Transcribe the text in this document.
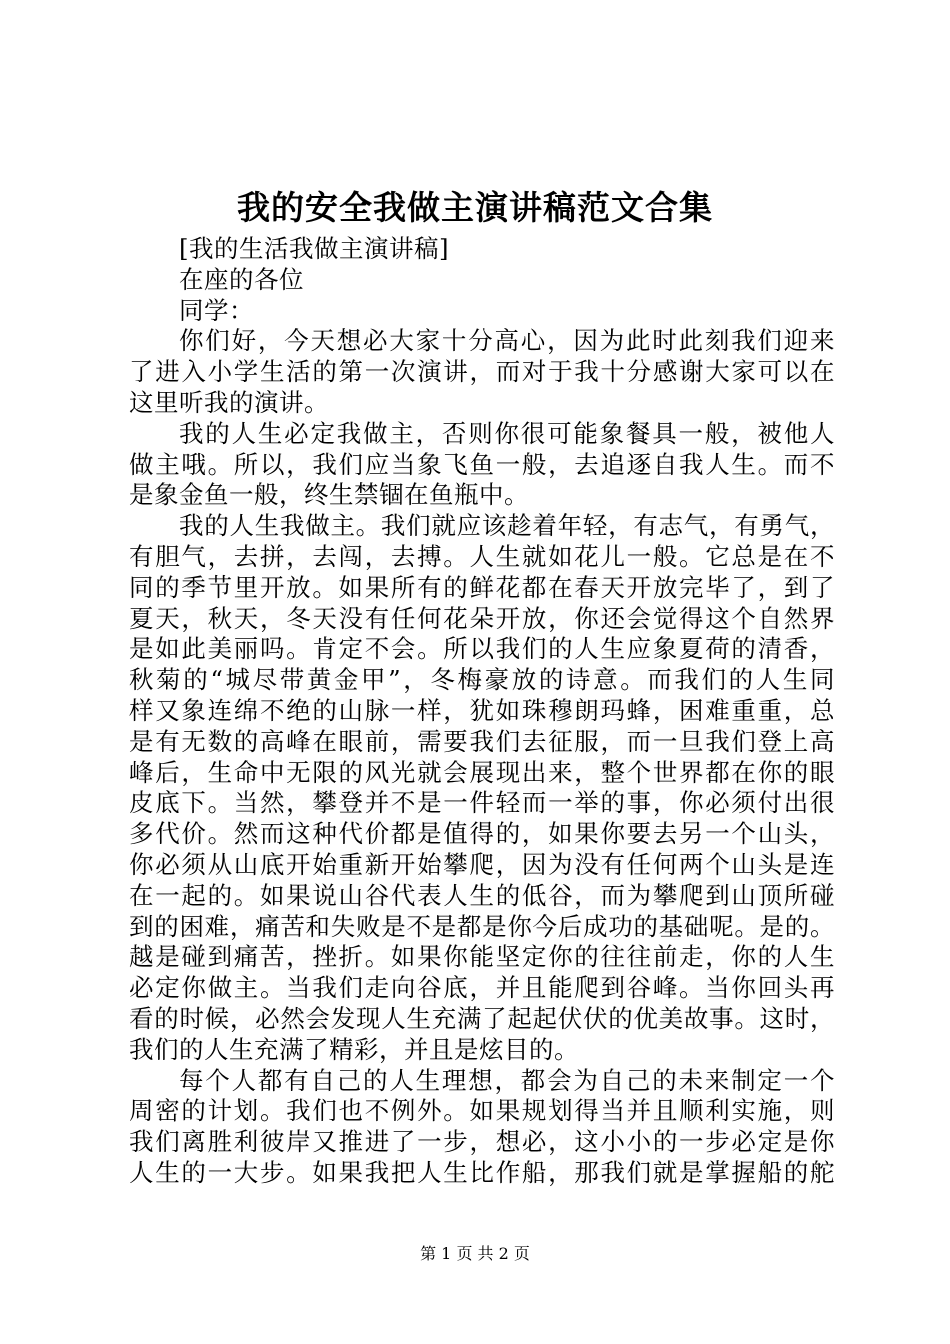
我的安全我做主演讲稿范文合集
[我的生活我做主演讲稿]
在座的各位
同学：
你们好，今天想必大家十分高心，因为此时此刻我们迎来
了进入小学生活的第一次演讲，而对于我十分感谢大家可以在
这里听我的演讲。
我的人生必定我做主，否则你很可能象餐具一般，被他人
做主哦。所以，我们应当象飞鱼一般，去追逐自我人生。而不
是象金鱼一般，终生禁锢在鱼瓶中。
我的人生我做主。我们就应该趁着年轻，有志气，有勇气，
有胆气，去拼，去闯，去搏。人生就如花儿一般。它总是在不
同的季节里开放。如果所有的鲜花都在春天开放完毕了，到了
夏天，秋天，冬天没有任何花朵开放，你还会觉得这个自然界
是如此美丽吗。肯定不会。所以我们的人生应象夏荷的清香，
秋菊的“城尽带黄金甲”，冬梅豪放的诗意。而我们的人生同
样又象连绵不绝的山脉一样，犹如珠穆朗玛蜂，困难重重，总
是有无数的高峰在眼前，需要我们去征服，而一旦我们登上高
峰后，生命中无限的风光就会展现出来，整个世界都在你的眼
皮底下。当然，攀登并不是一件轻而一举的事，你必须付出很
多代价。然而这种代价都是值得的，如果你要去另一个山头，
你必须从山底开始重新开始攀爬，因为没有任何两个山头是连
在一起的。如果说山谷代表人生的低谷，而为攀爬到山顶所碰
到的困难，痛苦和失败是不是都是你今后成功的基础呢。是的。
越是碰到痛苦，挫折。如果你能坚定你的往往前走，你的人生
必定你做主。当我们走向谷底，并且能爬到谷峰。当你回头再
看的时候，必然会发现人生充满了起起伏伏的优美故事。这时，
我们的人生充满了精彩，并且是炫目的。
每个人都有自己的人生理想，都会为自己的未来制定一个
周密的计划。我们也不例外。如果规划得当并且顺利实施，则
我们离胜利彼岸又推进了一步，想必，这小小的一步必定是你
人生的一大步。如果我把人生比作船，那我们就是掌握船的舵
第 1 页 共 2 页
